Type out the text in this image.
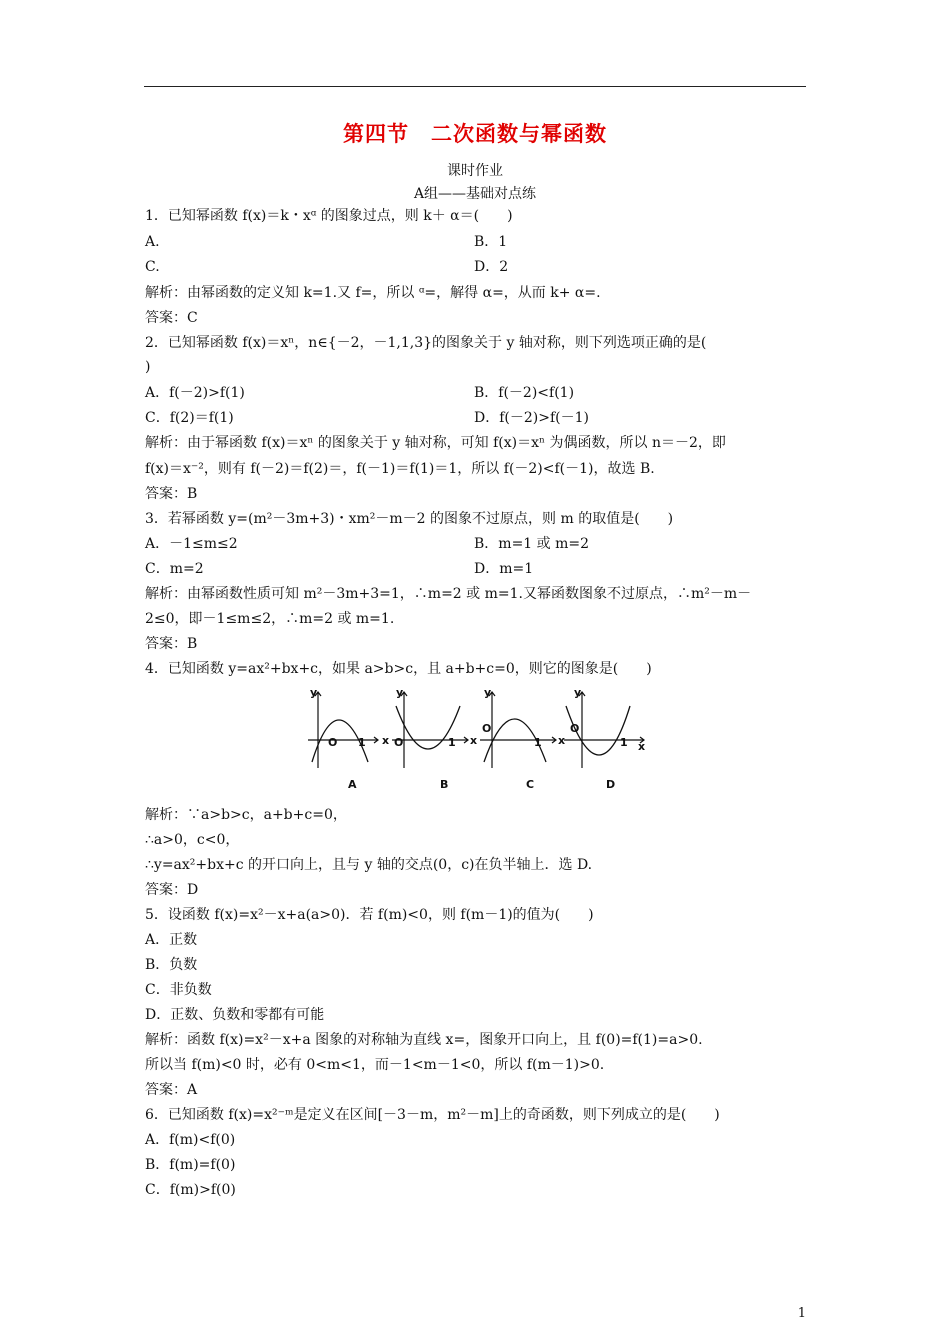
第四节　二次函数与幂函数
课时作业
A组——基础对点练
1．已知幂函数 f(x)＝k・xᵅ 的图象过点，则 k＋ α＝(　　)
A.	B．1
C.	D．2
解析：由幂函数的定义知 k=1.又 f=，所以 ᵅ=，解得 α=，从而 k+ α=.
答案：C
2．已知幂函数 f(x)＝xⁿ，n∈{－2，－1,1,3}的图象关于 y 轴对称，则下列选项正确的是(
)
A．f(－2)>f(1)	B．f(－2)<f(1)
C．f(2)＝f(1)	D．f(－2)>f(－1)
解析：由于幂函数 f(x)＝xⁿ 的图象关于 y 轴对称，可知 f(x)＝xⁿ 为偶函数，所以 n＝－2，即
f(x)＝x⁻²，则有 f(－2)＝f(2)＝，f(－1)＝f(1)＝1，所以 f(－2)<f(－1)，故选 B.
答案：B
3．若幂函数 y=(m²－3m+3)・xm²－m－2 的图象不过原点，则 m 的取值是(　　)
A．－1≤m≤2	B．m=1 或 m=2
C．m=2	D．m=1
解析：由幂函数性质可知 m²－3m+3=1，∴m=2 或 m=1.又幂函数图象不过原点，∴m²－m－
2≤0，即－1≤m≤2，∴m=2 或 m=1.
答案：B
4．已知函数 y=ax²+bx+c，如果 a>b>c，且 a+b+c=0，则它的图象是(　　)
y
O 1 x
A
y
O	1 x
B
y
O
1 x
C
y
O
1 x
D
解析：∵a>b>c，a+b+c=0，
∴a>0，c<0，
∴y=ax²+bx+c 的开口向上，且与 y 轴的交点(0，c)在负半轴上．选 D.
答案：D
5．设函数 f(x)=x²－x+a(a>0)．若 f(m)<0，则 f(m－1)的值为(　　)
A．正数
B．负数
C．非负数
D．正数、负数和零都有可能
解析：函数 f(x)=x²－x+a 图象的对称轴为直线 x=，图象开口向上，且 f(0)=f(1)=a>0.
所以当 f(m)<0 时，必有 0<m<1，而－1<m－1<0，所以 f(m－1)>0.
答案：A
6．已知函数 f(x)=x²⁻ᵐ是定义在区间[－3－m，m²－m]上的奇函数，则下列成立的是(　　)
A．f(m)<f(0)
B．f(m)=f(0)
C．f(m)>f(0)
1
